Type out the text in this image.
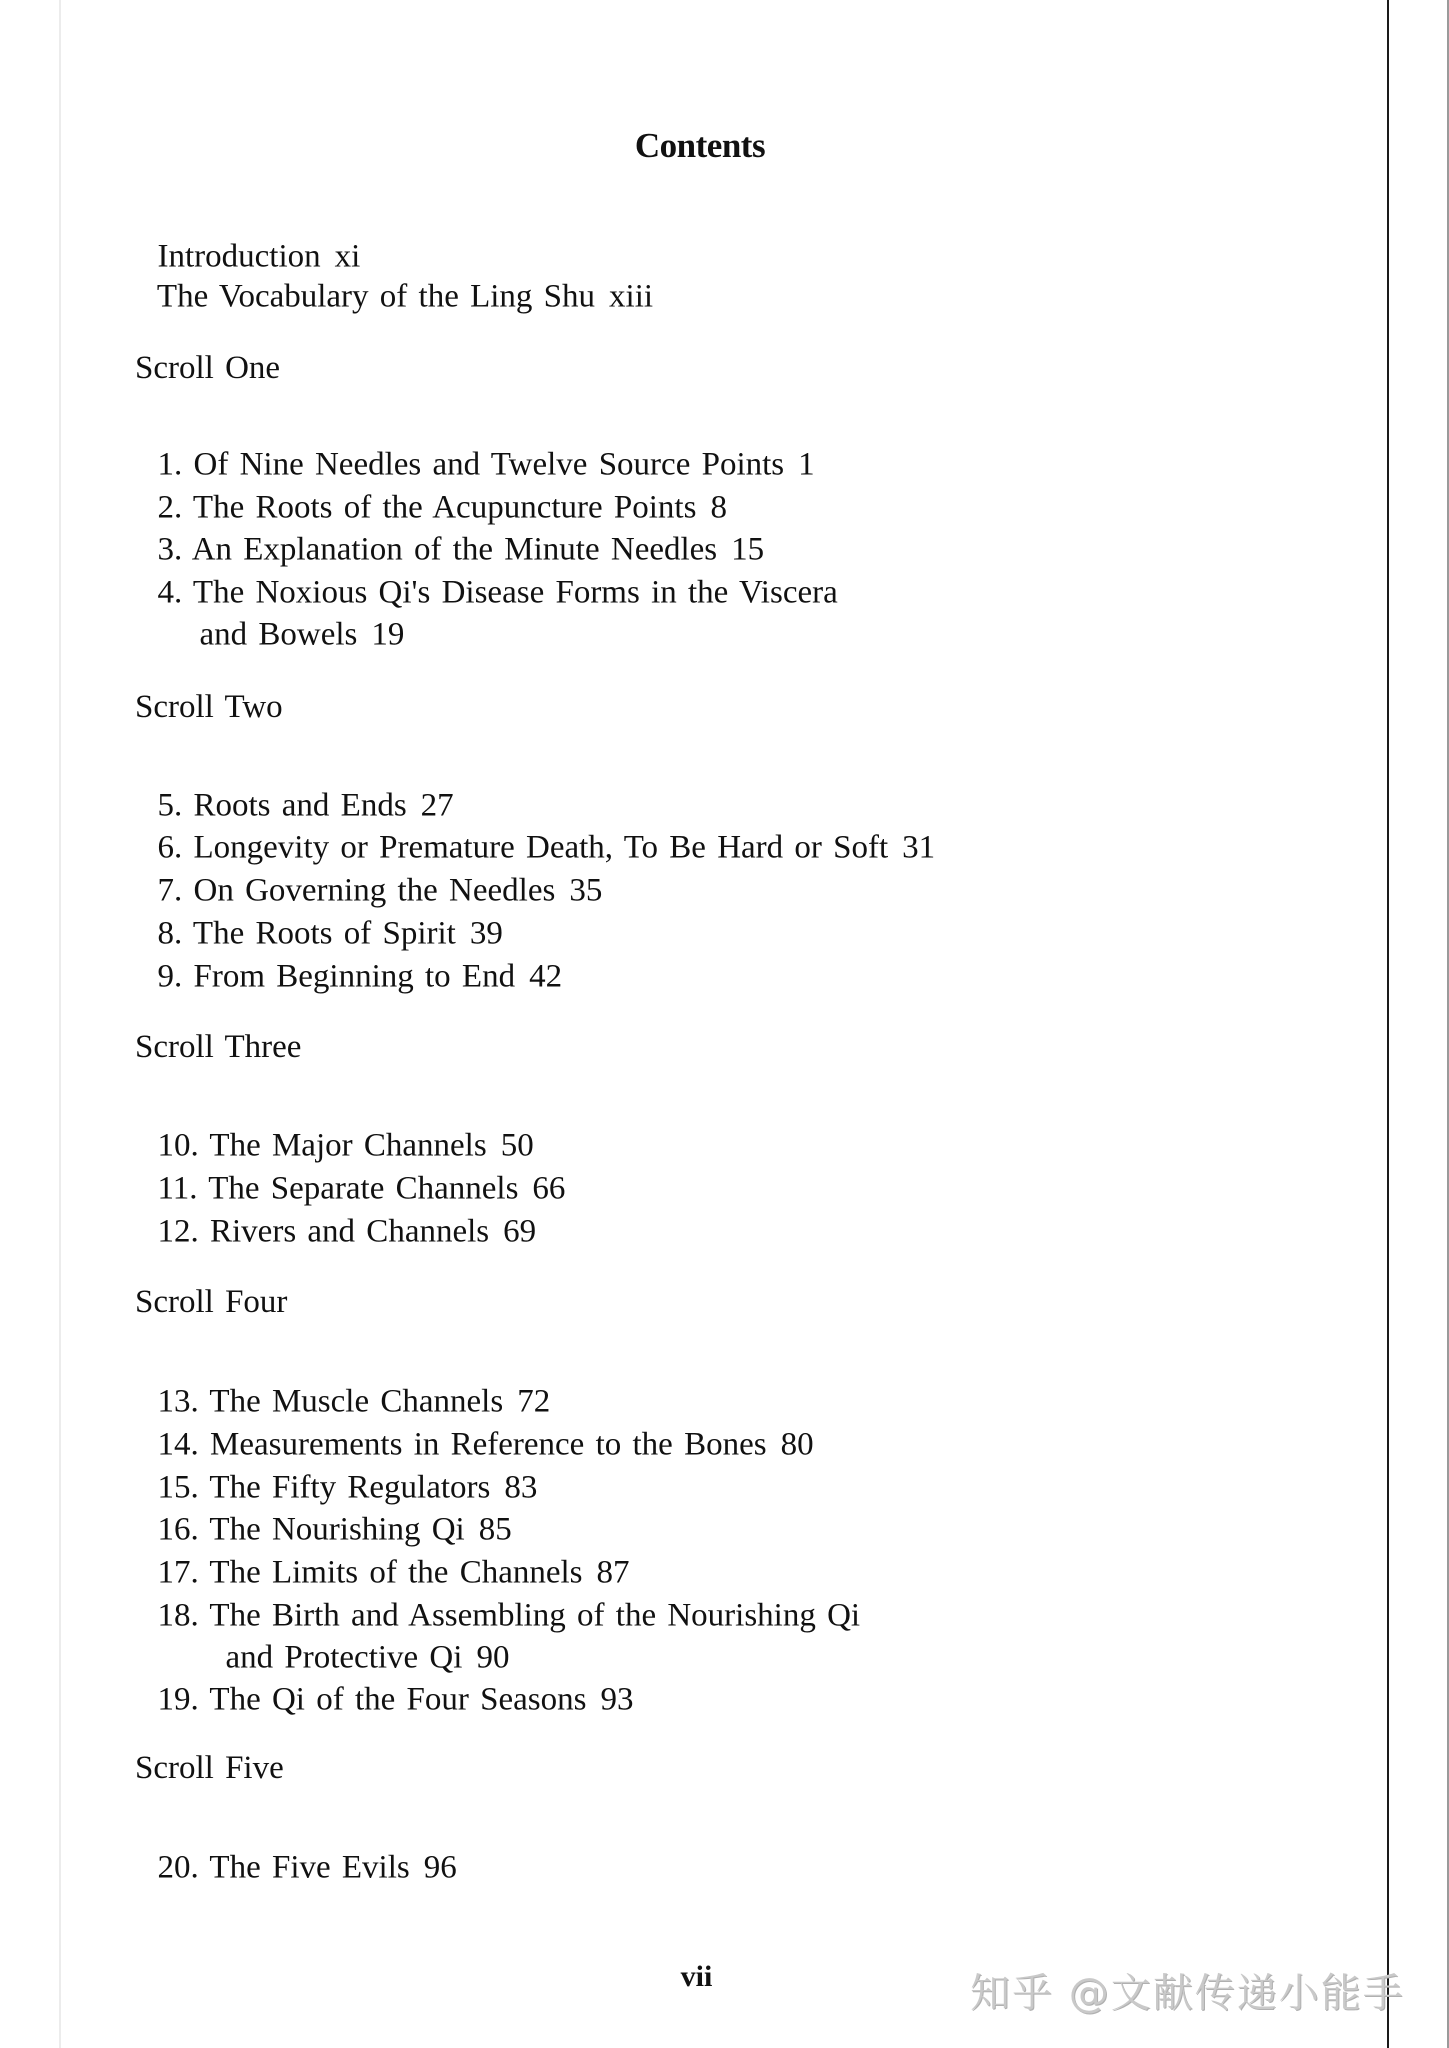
Contents

Introduction xi

The Vocabulary of the Ling Shu xiii

Scroll One

1. Of Nine Needles and Twelve Source Points 1

2. The Roots of the Acupuncture Points 8

3. An Explanation of the Minute Needles 15

4. The Noxious Qi's Disease Forms in the Viscera

and Bowels 19

Scroll Two

5. Roots and Ends 27

6. Longevity or Premature Death, To Be Hard or Soft 31

7. On Governing the Needles 35

8. The Roots of Spirit 39

9. From Beginning to End 42

Scroll Three

10. The Major Channels 50

11. The Separate Channels 66

12. Rivers and Channels 69

Scroll Four

13. The Muscle Channels 72

14. Measurements in Reference to the Bones 80

15. The Fifty Regulators 83

16. The Nourishing Qi 85

17. The Limits of the Channels 87

18. The Birth and Assembling of the Nourishing Qi

and Protective Qi 90

19. The Qi of the Four Seasons 93

Scroll Five

20. The Five Evils 96

vii	知乎 @文献传递小能手
